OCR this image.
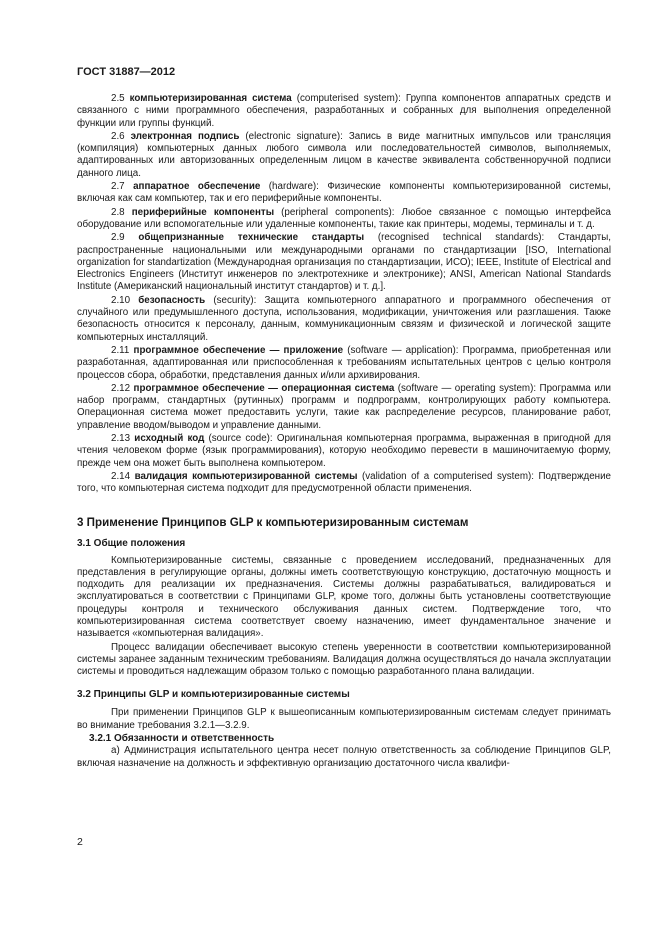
ГОСТ 31887—2012

2.5 компьютеризированная система (computerised system): Группа компонентов аппаратных средств и связанного с ними программного обеспечения, разработанных и собранных для выполнения определенной функции или группы функций.

2.6 электронная подпись (electronic signature): Запись в виде магнитных импульсов или трансляция (компиляция) компьютерных данных любого символа или последовательностей символов, выполняемых, адаптированных или авторизованных определенным лицом в качестве эквивалента собственноручной подписи данного лица.

2.7 аппаратное обеспечение (hardware): Физические компоненты компьютеризированной системы, включая как сам компьютер, так и его периферийные компоненты.

2.8 периферийные компоненты (peripheral components): Любое связанное с помощью интерфейса оборудование или вспомогательные или удаленные компоненты, такие как принтеры, модемы, терминалы и т. д.

2.9 общепризнанные технические стандарты (recognised technical standards): Стандарты, распространенные национальными или международными органами по стандартизации [ISO, International organization for standartization (Международная организация по стандартизации, ИСО); IEEE, Institute of Electrical and Electronics Engineers (Институт инженеров по электротехнике и электронике); ANSI, American National Standards Institute (Американский национальный институт стандартов) и т. д.].

2.10 безопасность (security): Защита компьютерного аппаратного и программного обеспечения от случайного или предумышленного доступа, использования, модификации, уничтожения или разглашения. Также безопасность относится к персоналу, данным, коммуникационным связям и физической и логической защите компьютерных инсталляций.

2.11 программное обеспечение — приложение (software — application): Программа, приобретенная или разработанная, адаптированная или приспособленная к требованиям испытательных центров с целью контроля процессов сбора, обработки, представления данных и/или архивирования.

2.12 программное обеспечение — операционная система (software — operating system): Программа или набор программ, стандартных (рутинных) программ и подпрограмм, контролирующих работу компьютера. Операционная система может предоставить услуги, такие как распределение ресурсов, планирование работ, управление вводом/выводом и управление данными.

2.13 исходный код (source code): Оригинальная компьютерная программа, выраженная в пригодной для чтения человеком форме (язык программирования), которую необходимо перевести в машиночитаемую форму, прежде чем она может быть выполнена компьютером.

2.14 валидация компьютеризированной системы (validation of a computerised system): Подтверждение того, что компьютерная система подходит для предусмотренной области применения.

3 Применение Принципов GLP к компьютеризированным системам
3.1 Общие положения

Компьютеризированные системы, связанные с проведением исследований, предназначенных для представления в регулирующие органы, должны иметь соответствующую конструкцию, достаточную мощность и подходить для реализации их предназначения. Системы должны разрабатываться, валидироваться и эксплуатироваться в соответствии с Принципами GLP, кроме того, должны быть установлены соответствующие процедуры контроля и технического обслуживания данных систем. Подтверждение того, что компьютеризированная система соответствует своему назначению, имеет фундаментальное значение и называется «компьютерная валидация».

Процесс валидации обеспечивает высокую степень уверенности в соответствии компьютеризированной системы заранее заданным техническим требованиям. Валидация должна осуществляться до начала эксплуатации системы и проводиться надлежащим образом только с помощью разработанного плана валидации.

3.2 Принципы GLP и компьютеризированные системы

При применении Принципов GLP к вышеописанным компьютеризированным системам следует принимать во внимание требования 3.2.1—3.2.9.

3.2.1 Обязанности и ответственность

а) Администрация испытательного центра несет полную ответственность за соблюдение Принципов GLP, включая назначение на должность и эффективную организацию достаточного числа квалифи-

2
